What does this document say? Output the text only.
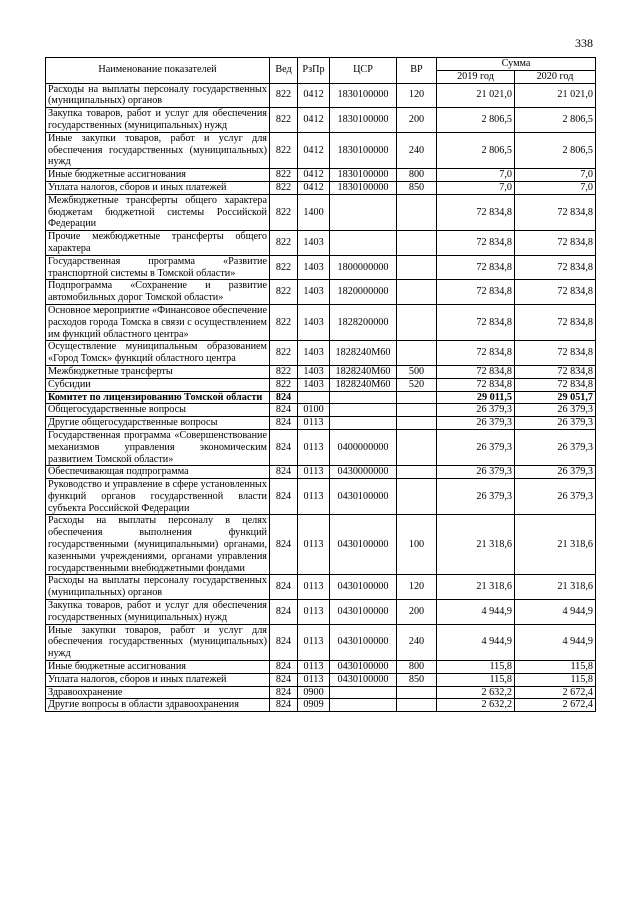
338
Наименование показателей	Вед	РзПр	ЦСР	ВР	Сумма	
					2019 год	2020 год
Расходы на выплаты персоналу государственных (муниципальных) органов	822	0412	1830100000	120	21 021,0	21 021,0
Закупка товаров, работ и услуг для обеспечения государственных (муниципальных) нужд	822	0412	1830100000	200	2 806,5	2 806,5
Иные закупки товаров, работ и услуг для обеспечения государственных (муниципальных) нужд	822	0412	1830100000	240	2 806,5	2 806,5
Иные бюджетные ассигнования	822	0412	1830100000	800	7,0	7,0
Уплата налогов, сборов и иных платежей	822	0412	1830100000	850	7,0	7,0
Межбюджетные трансферты общего характера бюджетам бюджетной системы Российской Федерации	822	1400			72 834,8	72 834,8
Прочие межбюджетные трансферты общего характера	822	1403			72 834,8	72 834,8
Государственная программа «Развитие транспортной системы в Томской области»	822	1403	1800000000		72 834,8	72 834,8
Подпрограмма «Сохранение и развитие автомобильных дорог Томской области»	822	1403	1820000000		72 834,8	72 834,8
Основное мероприятие «Финансовое обеспечение расходов города Томска в связи с осуществлением им функций областного центра»	822	1403	1828200000		72 834,8	72 834,8
Осуществление муниципальным образованием «Город Томск» функций областного центра	822	1403	1828240M60		72 834,8	72 834,8
Межбюджетные трансферты	822	1403	1828240M60	500	72 834,8	72 834,8
Субсидии	822	1403	1828240M60	520	72 834,8	72 834,8
Комитет по лицензированию Томской области	824				29 011,5	29 051,7
Общегосударственные вопросы	824	0100			26 379,3	26 379,3
Другие общегосударственные вопросы	824	0113			26 379,3	26 379,3
Государственная программа «Совершенствование механизмов управления экономическим развитием Томской области»	824	0113	0400000000		26 379,3	26 379,3
Обеспечивающая подпрограмма	824	0113	0430000000		26 379,3	26 379,3
Руководство и управление в сфере установленных функций органов государственной власти субъекта Российской Федерации	824	0113	0430100000		26 379,3	26 379,3
Расходы на выплаты персоналу в целях обеспечения выполнения функций государственными (муниципальными) органами, казенными учреждениями, органами управления государственными внебюджетными фондами	824	0113	0430100000	100	21 318,6	21 318,6
Расходы на выплаты персоналу государственных (муниципальных) органов	824	0113	0430100000	120	21 318,6	21 318,6
Закупка товаров, работ и услуг для обеспечения государственных (муниципальных) нужд	824	0113	0430100000	200	4 944,9	4 944,9
Иные закупки товаров, работ и услуг для обеспечения государственных (муниципальных) нужд	824	0113	0430100000	240	4 944,9	4 944,9
Иные бюджетные ассигнования	824	0113	0430100000	800	115,8	115,8
Уплата налогов, сборов и иных платежей	824	0113	0430100000	850	115,8	115,8
Здравоохранение	824	0900			2 632,2	2 672,4
Другие вопросы в области здравоохранения	824	0909			2 632,2	2 672,4
